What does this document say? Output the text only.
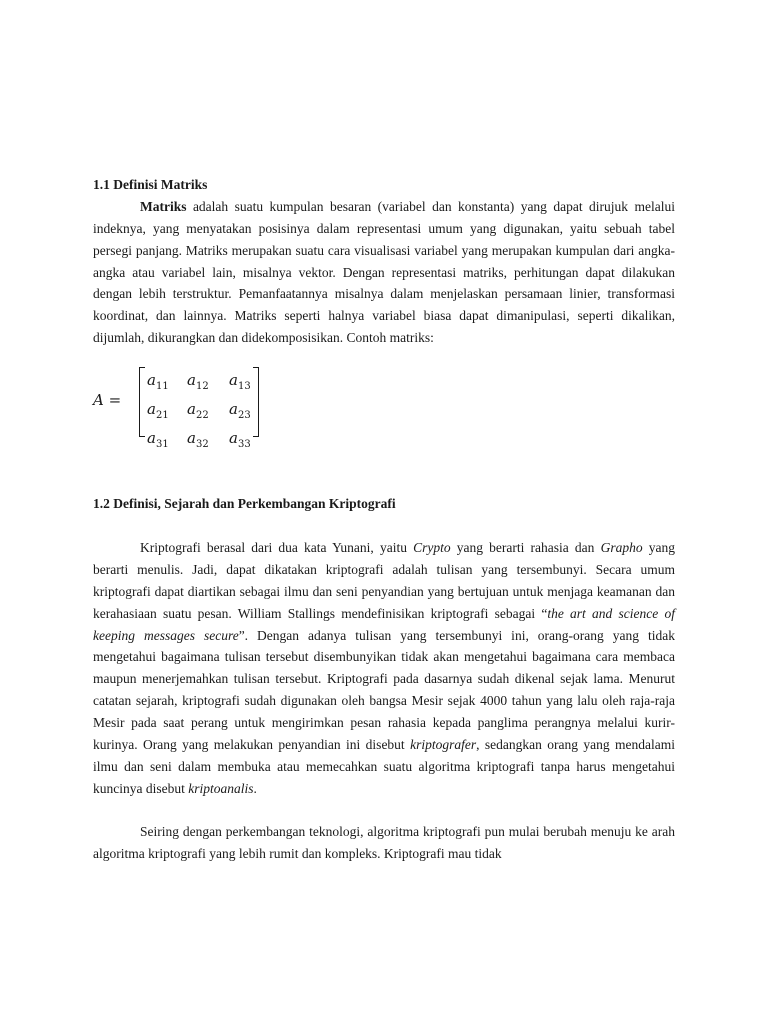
1.1 Definisi Matriks

Matriks adalah suatu kumpulan besaran (variabel dan konstanta) yang dapat dirujuk melalui indeknya, yang menyatakan posisinya dalam representasi umum yang digunakan, yaitu sebuah tabel persegi panjang. Matriks merupakan suatu cara visualisasi variabel yang merupakan kumpulan dari angka-angka atau variabel lain, misalnya vektor. Dengan representasi matriks, perhitungan dapat dilakukan dengan lebih terstruktur. Pemanfaatannya misalnya dalam menjelaskan persamaan linier, transformasi koordinat, dan lainnya. Matriks seperti halnya variabel biasa dapat dimanipulasi, seperti dikalikan, dijumlah, dikurangkan dan didekomposisikan. Contoh matriks:

A =
$a_{11}$	$a_{12}$	$a_{13}$
$a_{21}$	$a_{22}$	$a_{23}$
$a_{31}$	$a_{32}$	$a_{33}$
1.2 Definisi, Sejarah dan Perkembangan Kriptografi

Kriptografi berasal dari dua kata Yunani, yaitu Crypto yang berarti rahasia dan Grapho yang berarti menulis. Jadi, dapat dikatakan kriptografi adalah tulisan yang tersembunyi. Secara umum kriptografi dapat diartikan sebagai ilmu dan seni penyandian yang bertujuan untuk menjaga keamanan dan kerahasiaan suatu pesan. William Stallings mendefinisikan kriptografi sebagai “the art and science of keeping messages secure”. Dengan adanya tulisan yang tersembunyi ini, orang-orang yang tidak mengetahui bagaimana tulisan tersebut disembunyikan tidak akan mengetahui bagaimana cara membaca maupun menerjemahkan tulisan tersebut. Kriptografi pada dasarnya sudah dikenal sejak lama. Menurut catatan sejarah, kriptografi sudah digunakan oleh bangsa Mesir sejak 4000 tahun yang lalu oleh raja-raja Mesir pada saat perang untuk mengirimkan pesan rahasia kepada panglima perangnya melalui kurir-kurinya. Orang yang melakukan penyandian ini disebut kriptografer, sedangkan orang yang mendalami ilmu dan seni dalam membuka atau memecahkan suatu algoritma kriptografi tanpa harus mengetahui kuncinya disebut kriptoanalis.

Seiring dengan perkembangan teknologi, algoritma kriptografi pun mulai berubah menuju ke arah algoritma kriptografi yang lebih rumit dan kompleks. Kriptografi mau tidak
